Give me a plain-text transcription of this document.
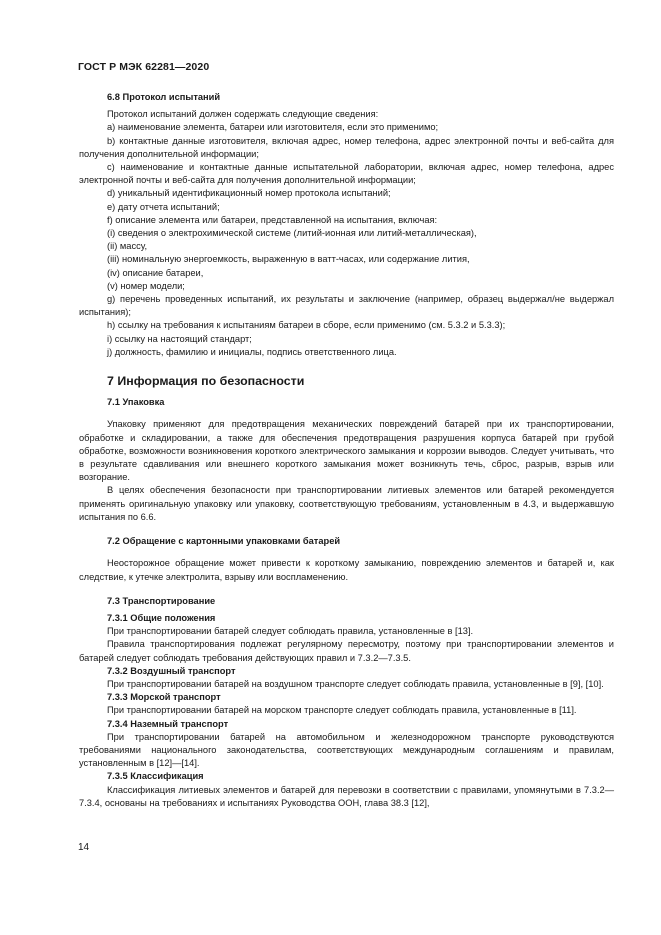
ГОСТ Р МЭК 62281—2020
6.8 Протокол испытаний
Протокол испытаний должен содержать следующие сведения:
а) наименование элемента, батареи или изготовителя, если это применимо;
b) контактные данные изготовителя, включая адрес, номер телефона, адрес электронной почты и веб-сайта для получения дополнительной информации;
c) наименование и контактные данные испытательной лаборатории, включая адрес, номер телефона, адрес электронной почты и веб-сайта для получения дополнительной информации;
d) уникальный идентификационный номер протокола испытаний;
e) дату отчета испытаний;
f) описание элемента или батареи, представленной на испытания, включая:
(i) сведения о электрохимической системе (литий-ионная или литий-металлическая),
(ii) массу,
(iii) номинальную энергоемкость, выраженную в ватт-часах, или содержание лития,
(iv) описание батареи,
(v) номер модели;
g) перечень проведенных испытаний, их результаты и заключение (например, образец выдержал/не выдержал испытания);
h) ссылку на требования к испытаниям батареи в сборе, если применимо (см. 5.3.2 и 5.3.3);
i) ссылку на настоящий стандарт;
j) должность, фамилию и инициалы, подпись ответственного лица.
7 Информация по безопасности
7.1 Упаковка
Упаковку применяют для предотвращения механических повреждений батарей при их транспортировании, обработке и складировании, а также для обеспечения предотвращения разрушения корпуса батарей при грубой обработке, возможности возникновения короткого электрического замыкания и коррозии выводов. Следует учитывать, что в результате сдавливания или внешнего короткого замыкания может возникнуть течь, сброс, разрыв, взрыв или возгорание.
В целях обеспечения безопасности при транспортировании литиевых элементов или батарей рекомендуется применять оригинальную упаковку или упаковку, соответствующую требованиям, установленным в 4.3, и выдержавшую испытания по 6.6.
7.2 Обращение с картонными упаковками батарей
Неосторожное обращение может привести к короткому замыканию, повреждению элементов и батарей и, как следствие, к утечке электролита, взрыву или воспламенению.
7.3 Транспортирование
7.3.1 Общие положения
При транспортировании батарей следует соблюдать правила, установленные в [13].
Правила транспортирования подлежат регулярному пересмотру, поэтому при транспортировании элементов и батарей следует соблюдать требования действующих правил и 7.3.2—7.3.5.
7.3.2 Воздушный транспорт
При транспортировании батарей на воздушном транспорте следует соблюдать правила, установленные в [9], [10].
7.3.3 Морской транспорт
При транспортировании батарей на морском транспорте следует соблюдать правила, установленные в [11].
7.3.4 Наземный транспорт
При транспортировании батарей на автомобильном и железнодорожном транспорте руководствуются требованиями национального законодательства, соответствующих международным соглашениям и правилам, установленным в [12]—[14].
7.3.5 Классификация
Классификация литиевых элементов и батарей для перевозки в соответствии с правилами, упомянутыми в 7.3.2—7.3.4, основаны на требованиях и испытаниях Руководства ООН, глава 38.3 [12],
14
